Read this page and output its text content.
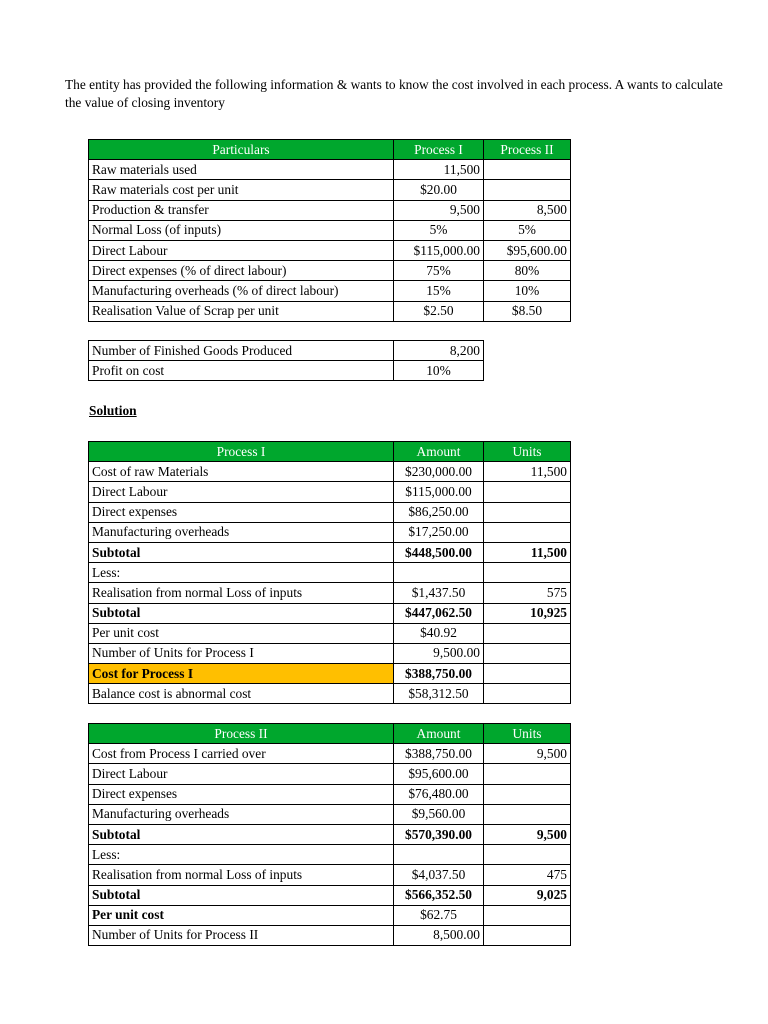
The entity has provided the following information & wants to know the cost involved in each process. A wants to calculate the value of closing inventory
Particulars	Process I	Process II
Raw materials used	11,500	
Raw materials cost per unit	$20.00	
Production & transfer	9,500	8,500
Normal Loss (of inputs)	5%	5%
Direct Labour	$115,000.00	$95,600.00
Direct expenses (% of direct labour)	75%	80%
Manufacturing overheads (% of direct labour)	15%	10%
Realisation Value of Scrap per unit	$2.50	$8.50
Number of Finished Goods Produced	8,200
Profit on cost	10%
Solution
Process I	Amount	Units
Cost of raw Materials	$230,000.00	11,500
Direct Labour	$115,000.00	
Direct expenses	$86,250.00	
Manufacturing overheads	$17,250.00	
Subtotal	$448,500.00	11,500
Less:		
Realisation from normal Loss of inputs	$1,437.50	575
Subtotal	$447,062.50	10,925
Per unit cost	$40.92	
Number of Units for Process I	9,500.00	
Cost for Process I	$388,750.00	
Balance cost is abnormal cost	$58,312.50	
Process II	Amount	Units
Cost from Process I carried over	$388,750.00	9,500
Direct Labour	$95,600.00	
Direct expenses	$76,480.00	
Manufacturing overheads	$9,560.00	
Subtotal	$570,390.00	9,500
Less:		
Realisation from normal Loss of inputs	$4,037.50	475
Subtotal	$566,352.50	9,025
Per unit cost	$62.75	
Number of Units for Process II	8,500.00	
